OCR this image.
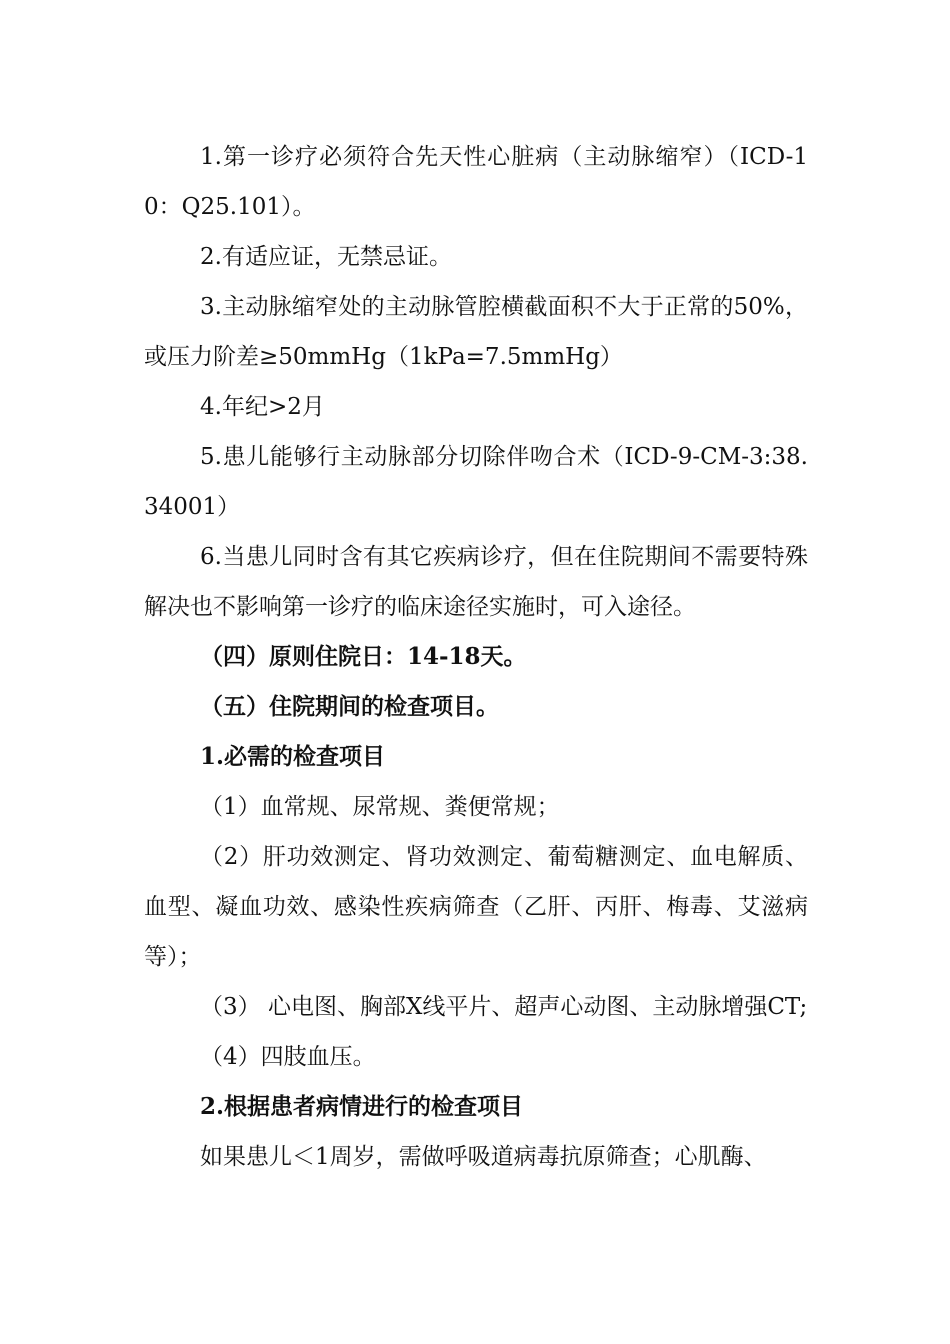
1.第一诊疗必须符合先天性心脏病（主动脉缩窄）（ICD-10：Q25.101）。

2.有适应证，无禁忌证。

3.主动脉缩窄处的主动脉管腔横截面积不大于正常的50%，或压力阶差≥50mmHg（1kPa=7.5mmHg）

4.年纪>2月

5.患儿能够行主动脉部分切除伴吻合术（ICD-9-CM-3:38.34001）

6.当患儿同时含有其它疾病诊疗，但在住院期间不需要特殊解决也不影响第一诊疗的临床途径实施时，可入途径。

（四）原则住院日：14-18天。

（五）住院期间的检查项目。

1.必需的检查项目

（1）血常规、尿常规、粪便常规；

（2）肝功效测定、肾功效测定、葡萄糖测定、血电解质、血型、凝血功效、感染性疾病筛查（乙肝、丙肝、梅毒、艾滋病等）；

（3） 心电图、胸部X线平片、超声心动图、主动脉增强CT;

（4）四肢血压。

2.根据患者病情进行的检查项目

如果患儿＜1周岁，需做呼吸道病毒抗原筛查；心肌酶、
